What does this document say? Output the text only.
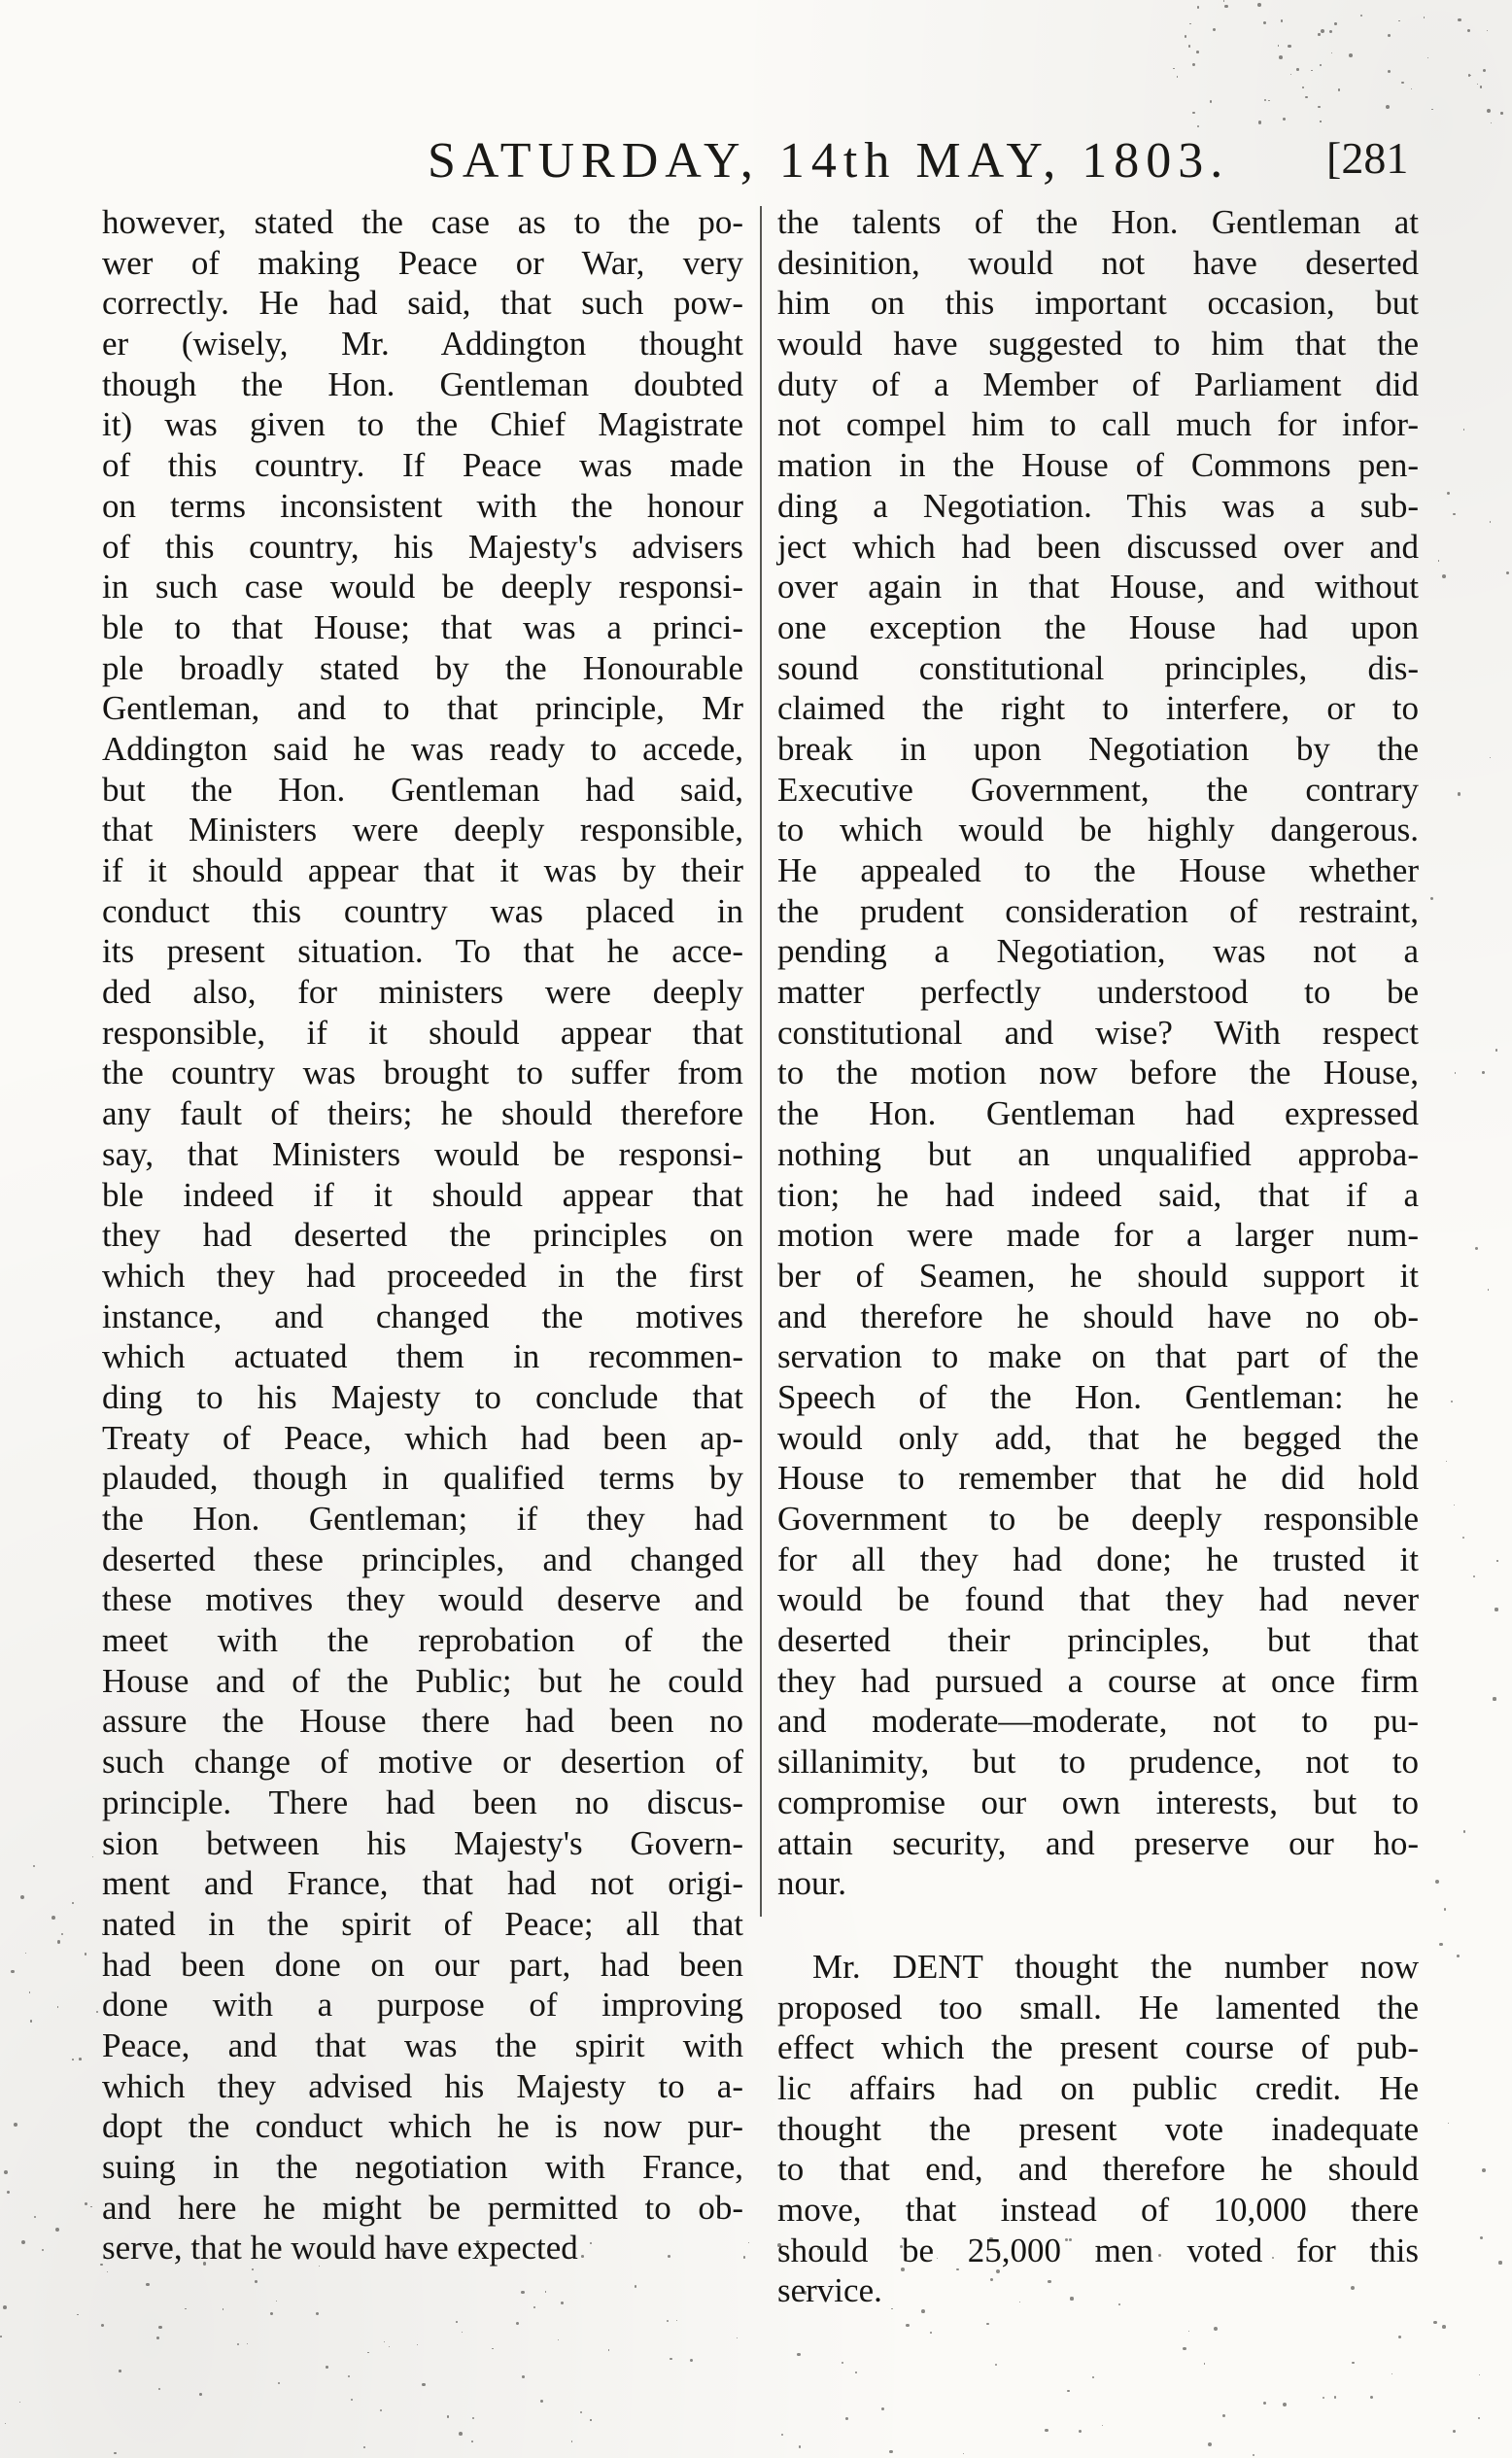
SATURDAY, 14th MAY, 1803. [281
however, stated the case as to the po-
wer of making Peace or War, very
correctly. He had said, that such pow-
er (wisely, Mr. Addington thought
though the Hon. Gentleman doubted
it) was given to the Chief Magistrate
of this country. If Peace was made
on terms inconsistent with the honour
of this country, his Majesty's advisers
in such case would be deeply responsi-
ble to that House; that was a princi-
ple broadly stated by the Honourable
Gentleman, and to that principle, Mr
Addington said he was ready to accede,
but the Hon. Gentleman had said,
that Ministers were deeply responsible,
if it should appear that it was by their
conduct this country was placed in
its present situation. To that he acce-
ded also, for ministers were deeply
responsible, if it should appear that
the country was brought to suffer from
any fault of theirs; he should therefore
say, that Ministers would be responsi-
ble indeed if it should appear that
they had deserted the principles on
which they had proceeded in the first
instance, and changed the motives
which actuated them in recommen-
ding to his Majesty to conclude that
Treaty of Peace, which had been ap-
plauded, though in qualified terms by
the Hon. Gentleman; if they had
deserted these principles, and changed
these motives they would deserve and
meet with the reprobation of the
House and of the Public; but he could
assure the House there had been no
such change of motive or desertion of
principle. There had been no discus-
sion between his Majesty's Govern-
ment and France, that had not origi-
nated in the spirit of Peace; all that
had been done on our part, had been
done with a purpose of improving
Peace, and that was the spirit with
which they advised his Majesty to a-
dopt the conduct which he is now pur-
suing in the negotiation with France,
and here he might be permitted to ob-
serve, that he would have expected
the talents of the Hon. Gentleman at
desinition, would not have deserted
him on this important occasion, but
would have suggested to him that the
duty of a Member of Parliament did
not compel him to call much for infor-
mation in the House of Commons pen-
ding a Negotiation. This was a sub-
ject which had been discussed over and
over again in that House, and without
one exception the House had upon
sound constitutional principles, dis-
claimed the right to interfere, or to
break in upon Negotiation by the
Executive Government, the contrary
to which would be highly dangerous.
He appealed to the House whether
the prudent consideration of restraint,
pending a Negotiation, was not a
matter perfectly understood to be
constitutional and wise? With respect
to the motion now before the House,
the Hon. Gentleman had expressed
nothing but an unqualified approba-
tion; he had indeed said, that if a
motion were made for a larger num-
ber of Seamen, he should support it
and therefore he should have no ob-
servation to make on that part of the
Speech of the Hon. Gentleman: he
would only add, that he begged the
House to remember that he did hold
Government to be deeply responsible
for all they had done; he trusted it
would be found that they had never
deserted their principles, but that
they had pursued a course at once firm
and moderate—moderate, not to pu-
sillanimity, but to prudence, not to
compromise our own interests, but to
attain security, and preserve our ho-
nour.
Mr. DENT thought the number now
proposed too small. He lamented the
effect which the present course of pub-
lic affairs had on public credit. He
thought the present vote inadequate
to that end, and therefore he should
move, that instead of 10,000 there
should be 25,000 men voted for this
service.
